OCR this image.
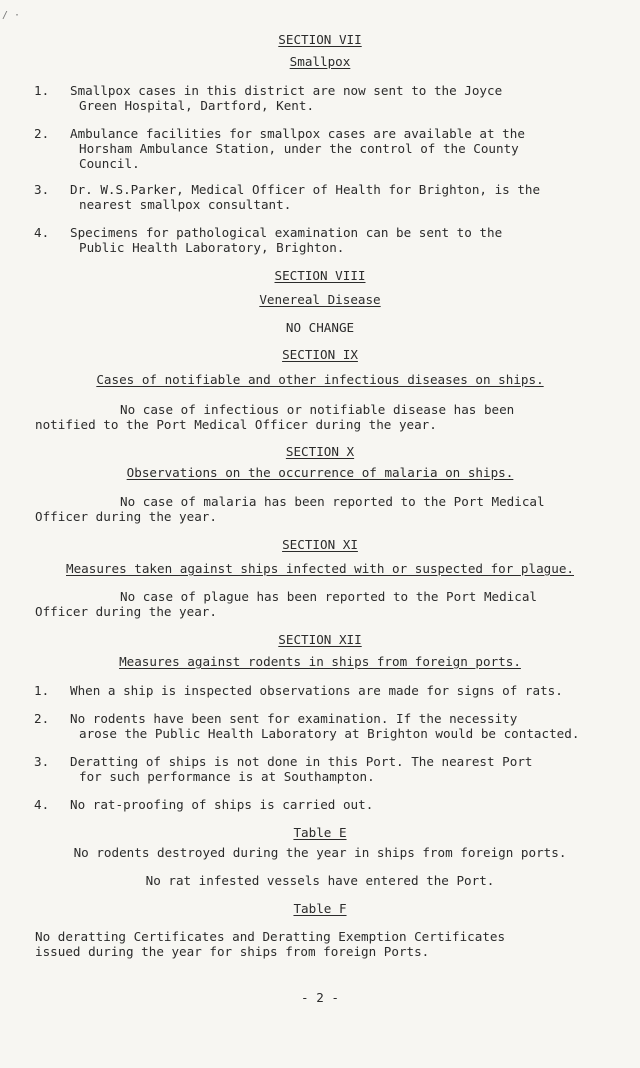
/ ·
SECTION VII
Smallpox
1. Smallpox cases in this district are now sent to the Joyce
Green Hospital, Dartford, Kent.
2. Ambulance facilities for smallpox cases are available at the
Horsham Ambulance Station, under the control of the County
Council.
3. Dr. W.S.Parker, Medical Officer of Health for Brighton, is the
nearest smallpox consultant.
4. Specimens for pathological examination can be sent to the
Public Health Laboratory, Brighton.
SECTION VIII
Venereal Disease
NO CHANGE
SECTION IX
Cases of notifiable and other infectious diseases on ships.
No case of infectious or notifiable disease has been
notified to the Port Medical Officer during the year.
SECTION X
Observations on the occurrence of malaria on ships.
No case of malaria has been reported to the Port Medical
Officer during the year.
SECTION XI
Measures taken against ships infected with or suspected for plague.
No case of plague has been reported to the Port Medical
Officer during the year.
SECTION XII
Measures against rodents in ships from foreign ports.
1. When a ship is inspected observations are made for signs of rats.
2. No rodents have been sent for examination. If the necessity
arose the Public Health Laboratory at Brighton would be contacted.
3. Deratting of ships is not done in this Port. The nearest Port
for such performance is at Southampton.
4. No rat-proofing of ships is carried out.
Table E
No rodents destroyed during the year in ships from foreign ports.
No rat infested vessels have entered the Port.
Table F
No deratting Certificates and Deratting Exemption Certificates
issued during the year for ships from foreign Ports.
- 2 -
